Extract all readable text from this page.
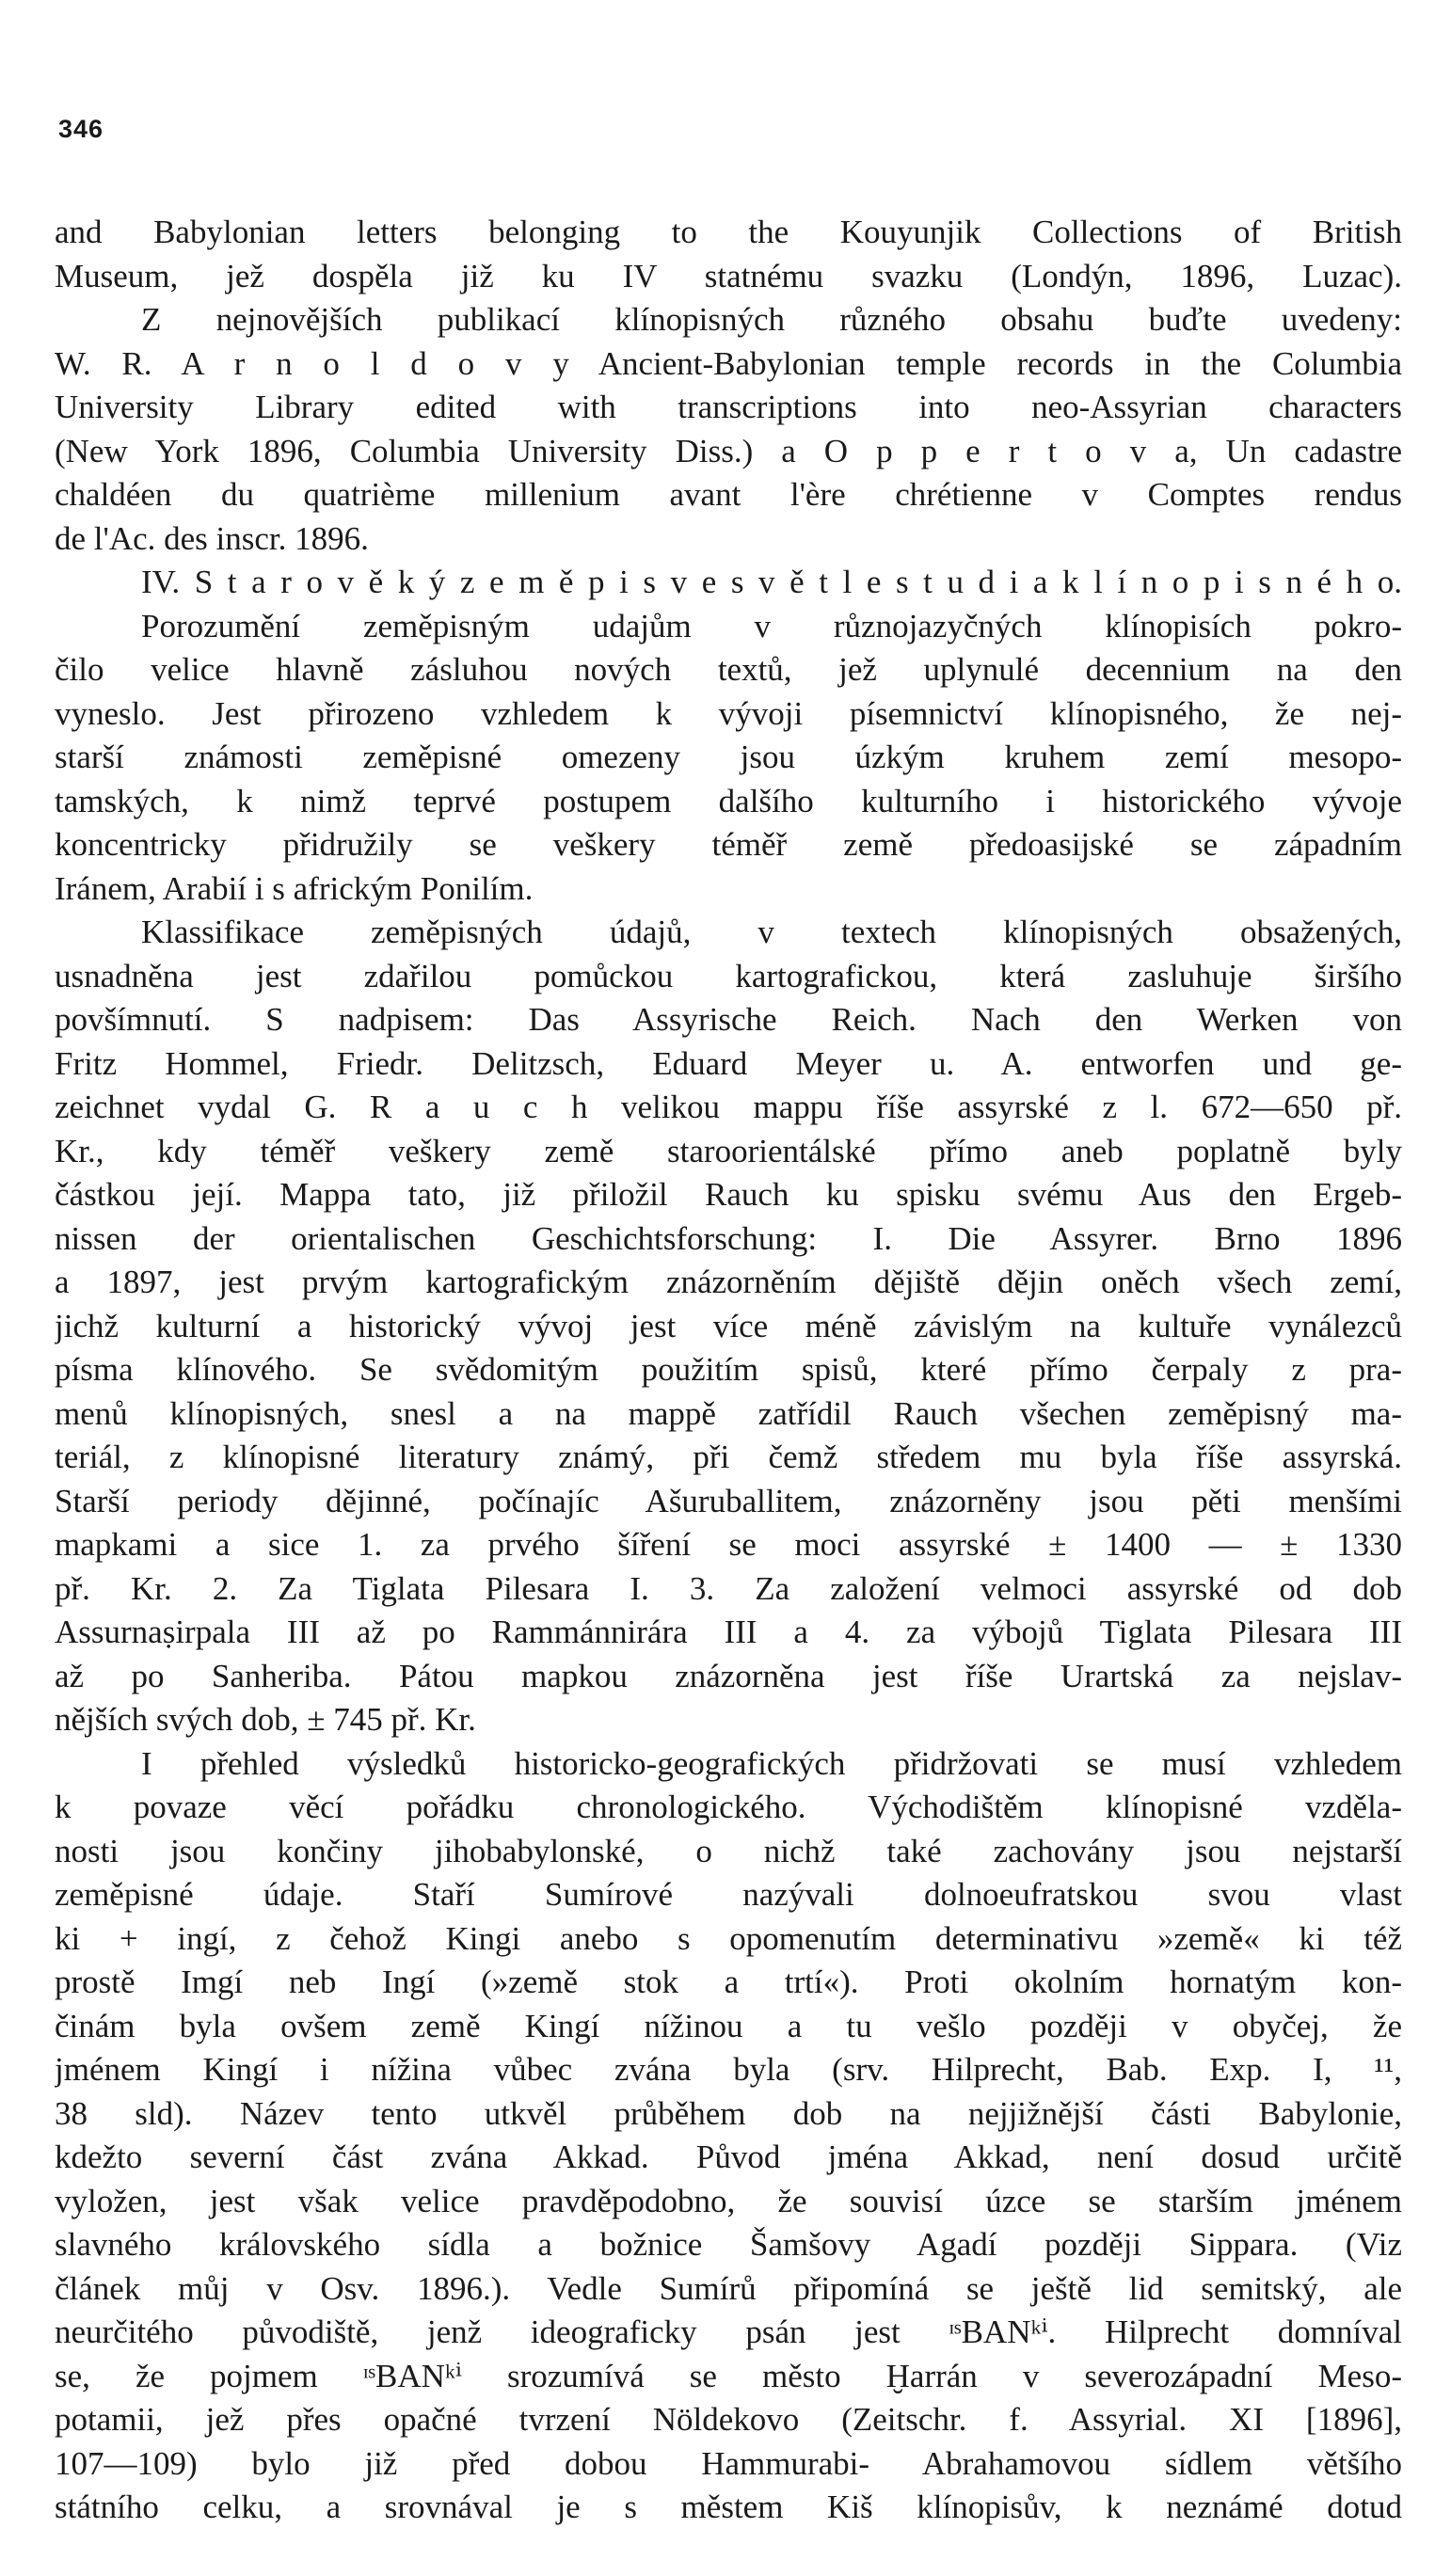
346
and Babylonian letters belonging to the Kouyunjik Collections of British
Museum, jež dospěla již ku IV statnému svazku (Londýn, 1896, Luzac).
Z nejnovějších publikací klínopisných různého obsahu buďte uvedeny:
W. R. A r n o l d o v y Ancient-Babylonian temple records in the Columbia
University Library edited with transcriptions into neo-Assyrian characters
(New York 1896, Columbia University Diss.) a O p p e r t o v a, Un cadastre
chaldéen du quatrième millenium avant l'ère chrétienne v Comptes rendus
de l'Ac. des inscr. 1896.
IV. S t a r o v ě k ý z e m ě p i s v e s v ě t l e s t u d i a k l í n o p i s n é h o.
Porozumění zeměpisným udajům v různojazyčných klínopisích pokro-
čilo velice hlavně zásluhou nových textů, jež uplynulé decennium na den
vyneslo. Jest přirozeno vzhledem k vývoji písemnictví klínopisného, že nej-
starší známosti zeměpisné omezeny jsou úzkým kruhem zemí mesopo-
tamských, k nimž teprvé postupem dalšího kulturního i historického vývoje
koncentricky přidružily se veškery téměř země předoasijské se západním
Iránem, Arabií i s africkým Ponilím.
Klassifikace zeměpisných údajů, v textech klínopisných obsažených,
usnadněna jest zdařilou pomůckou kartografickou, která zasluhuje širšího
povšímnutí. S nadpisem: Das Assyrische Reich. Nach den Werken von
Fritz Hommel, Friedr. Delitzsch, Eduard Meyer u. A. entworfen und ge-
zeichnet vydal G. R a u c h velikou mappu říše assyrské z l. 672—650 př.
Kr., kdy téměř veškery země staroorientálské přímo aneb poplatně byly
částkou její. Mappa tato, již přiložil Rauch ku spisku svému Aus den Ergeb-
nissen der orientalischen Geschichtsforschung: I. Die Assyrer. Brno 1896
a 1897, jest prvým kartografickým znázorněním dějiště dějin oněch všech zemí,
jichž kulturní a historický vývoj jest více méně závislým na kultuře vynálezců
písma klínového. Se svědomitým použitím spisů, které přímo čerpaly z pra-
menů klínopisných, snesl a na mappě zatřídil Rauch všechen zeměpisný ma-
teriál, z klínopisné literatury známý, při čemž středem mu byla říše assyrská.
Starší periody dějinné, počínajíc Ašuruballitem, znázorněny jsou pěti menšími
mapkami a sice 1. za prvého šíření se moci assyrské ± 1400 — ± 1330
př. Kr. 2. Za Tiglata Pilesara I. 3. Za založení velmoci assyrské od dob
Assurnaṣirpala III až po Rammánnirára III a 4. za výbojů Tiglata Pilesara III
až po Sanheriba. Pátou mapkou znázorněna jest říše Urartská za nejslav-
nějších svých dob, ± 745 př. Kr.
I přehled výsledků historicko-geografických přidržovati se musí vzhledem
k povaze věcí pořádku chronologického. Východištěm klínopisné vzděla-
nosti jsou končiny jihobabylonské, o nichž také zachovány jsou nejstarší
zeměpisné údaje. Staří Sumírové nazývali dolnoeufratskou svou vlast
ki + ingí, z čehož Kingi anebo s opomenutím determinativu »země« ki též
prostě Imgí neb Ingí (»země stok a trtí«). Proti okolním hornatým kon-
činám byla ovšem země Kingí nížinou a tu vešlo později v obyčej, že
jménem Kingí i nížina vůbec zvána byla (srv. Hilprecht, Bab. Exp. I, ¹¹,
38 sld). Název tento utkvěl průběhem dob na nejjižnější části Babylonie,
kdežto severní část zvána Akkad. Původ jména Akkad, není dosud určitě
vyložen, jest však velice pravděpodobno, že souvisí úzce se starším jménem
slavného královského sídla a božnice Šamšovy Agadí později Sippara. (Viz
článek můj v Osv. 1896.). Vedle Sumírů připomíná se ještě lid semitský, ale
neurčitého původiště, jenž ideograficky psán jest ᶦˢBANᵏⁱ. Hilprecht domníval
se, že pojmem ᶦˢBANᵏⁱ srozumívá se město Ḫarrán v severozápadní Meso-
potamii, jež přes opačné tvrzení Nöldekovo (Zeitschr. f. Assyrial. XI [1896],
107—109) bylo již před dobou Hammurabi- Abrahamovou sídlem většího
státního celku, a srovnával je s městem Kiš klínopisův, k neznámé dotud
